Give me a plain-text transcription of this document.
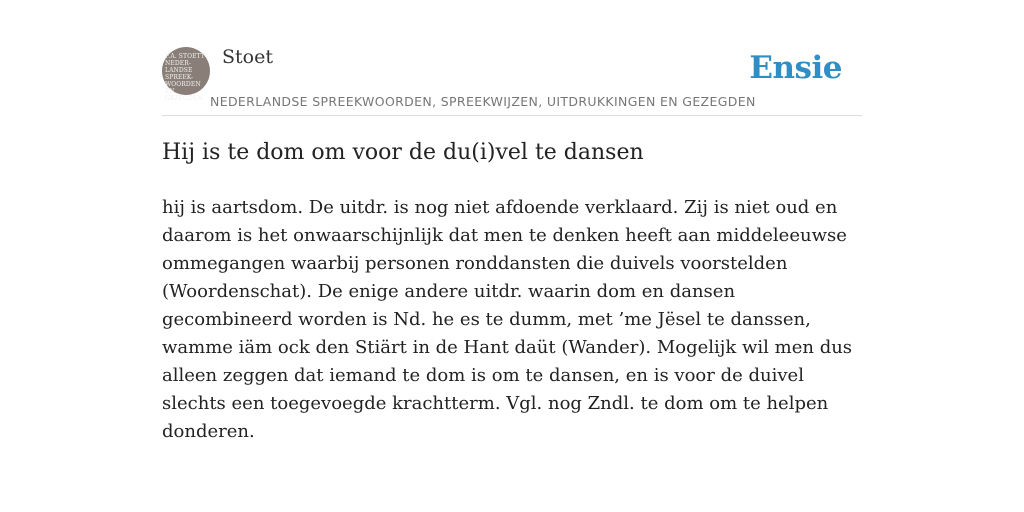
F.A. STOETT
NEDER-
LANDSE
SPREEK-
WOORDEN EN
GEZEGDEN
Stoet	Ensie
NEDERLANDSE SPREEKWOORDEN, SPREEKWIJZEN, UITDRUKKINGEN EN GEZEGDEN
Hij is te dom om voor de du(i)vel te dansen

hij is aartsdom. De uitdr. is nog niet afdoende verklaard. Zij is niet oud en daarom is het onwaarschijnlijk dat men te denken heeft aan middeleeuwse ommegangen waarbij personen ronddansten die duivels voorstelden (Woordenschat). De enige andere uitdr. waarin dom en dansen gecombineerd worden is Nd. he es te dumm, met ’me Jësel te danssen, wamme iäm ock den Stiärt in de Hant daüt (Wander). Mogelijk wil men dus alleen zeggen dat iemand te dom is om te dansen, en is voor de duivel slechts een toegevoegde krachtterm. Vgl. nog Zndl. te dom om te helpen donderen.
